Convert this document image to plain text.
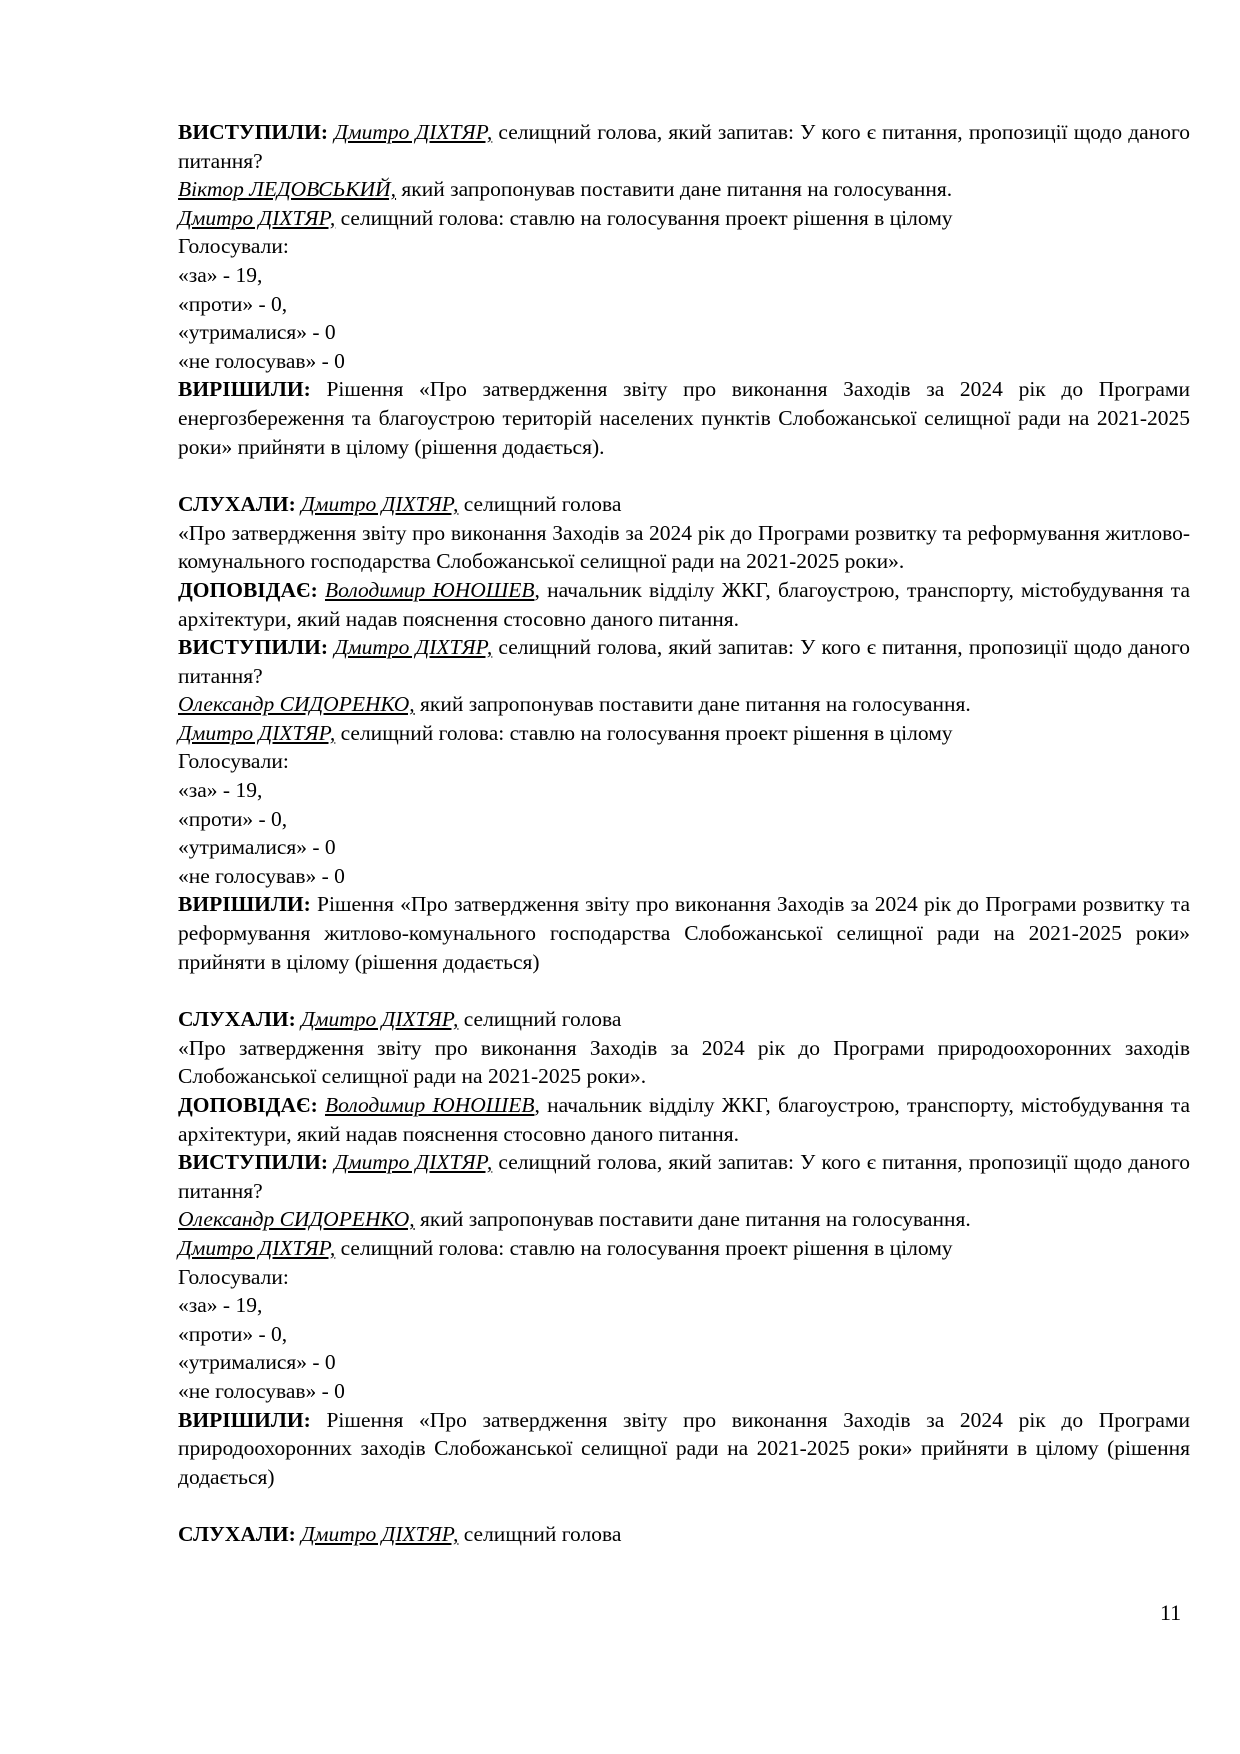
ВИСТУПИЛИ: Дмитро ДІХТЯР, селищний голова, який запитав: У кого є питання, пропозиції щодо даного питання?

Віктор ЛЕДОВСЬКИЙ, який запропонував поставити дане питання на голосування.

Дмитро ДІХТЯР, селищний голова: ставлю на голосування проект рішення в цілому

Голосували:

«за» - 19,

«проти» - 0,

«утрималися» - 0

«не голосував» - 0

ВИРІШИЛИ: Рішення «Про затвердження звіту про виконання Заходів за 2024 рік до Програми енергозбереження та благоустрою територій населених пунктів Слобожанської селищної ради на 2021-2025 роки» прийняти в цілому (рішення додається).

СЛУХАЛИ: Дмитро ДІХТЯР, селищний голова

«Про затвердження звіту про виконання Заходів за 2024 рік до Програми розвитку та реформування житлово-комунального господарства Слобожанської селищної ради на 2021-2025 роки».

ДОПОВІДАЄ: Володимир ЮНОШЕВ, начальник відділу ЖКГ, благоустрою, транспорту, містобудування та архітектури, який надав пояснення стосовно даного питання.

ВИСТУПИЛИ: Дмитро ДІХТЯР, селищний голова, який запитав: У кого є питання, пропозиції щодо даного питання?

Олександр СИДОРЕНКО, який запропонував поставити дане питання на голосування.

Дмитро ДІХТЯР, селищний голова: ставлю на голосування проект рішення в цілому

Голосували:

«за» - 19,

«проти» - 0,

«утрималися» - 0

«не голосував» - 0

ВИРІШИЛИ: Рішення «Про затвердження звіту про виконання Заходів за 2024 рік до Програми розвитку та реформування житлово-комунального господарства Слобожанської селищної ради на 2021-2025 роки» прийняти в цілому (рішення додається)

СЛУХАЛИ: Дмитро ДІХТЯР, селищний голова

«Про затвердження звіту про виконання Заходів за 2024 рік до Програми природоохоронних заходів Слобожанської селищної ради на 2021-2025 роки».

ДОПОВІДАЄ: Володимир ЮНОШЕВ, начальник відділу ЖКГ, благоустрою, транспорту, містобудування та архітектури, який надав пояснення стосовно даного питання.

ВИСТУПИЛИ: Дмитро ДІХТЯР, селищний голова, який запитав: У кого є питання, пропозиції щодо даного питання?

Олександр СИДОРЕНКО, який запропонував поставити дане питання на голосування.

Дмитро ДІХТЯР, селищний голова: ставлю на голосування проект рішення в цілому

Голосували:

«за» - 19,

«проти» - 0,

«утрималися» - 0

«не голосував» - 0

ВИРІШИЛИ: Рішення «Про затвердження звіту про виконання Заходів за 2024 рік до Програми природоохоронних заходів Слобожанської селищної ради на 2021-2025 роки» прийняти в цілому (рішення додається)

СЛУХАЛИ: Дмитро ДІХТЯР, селищний голова

11
